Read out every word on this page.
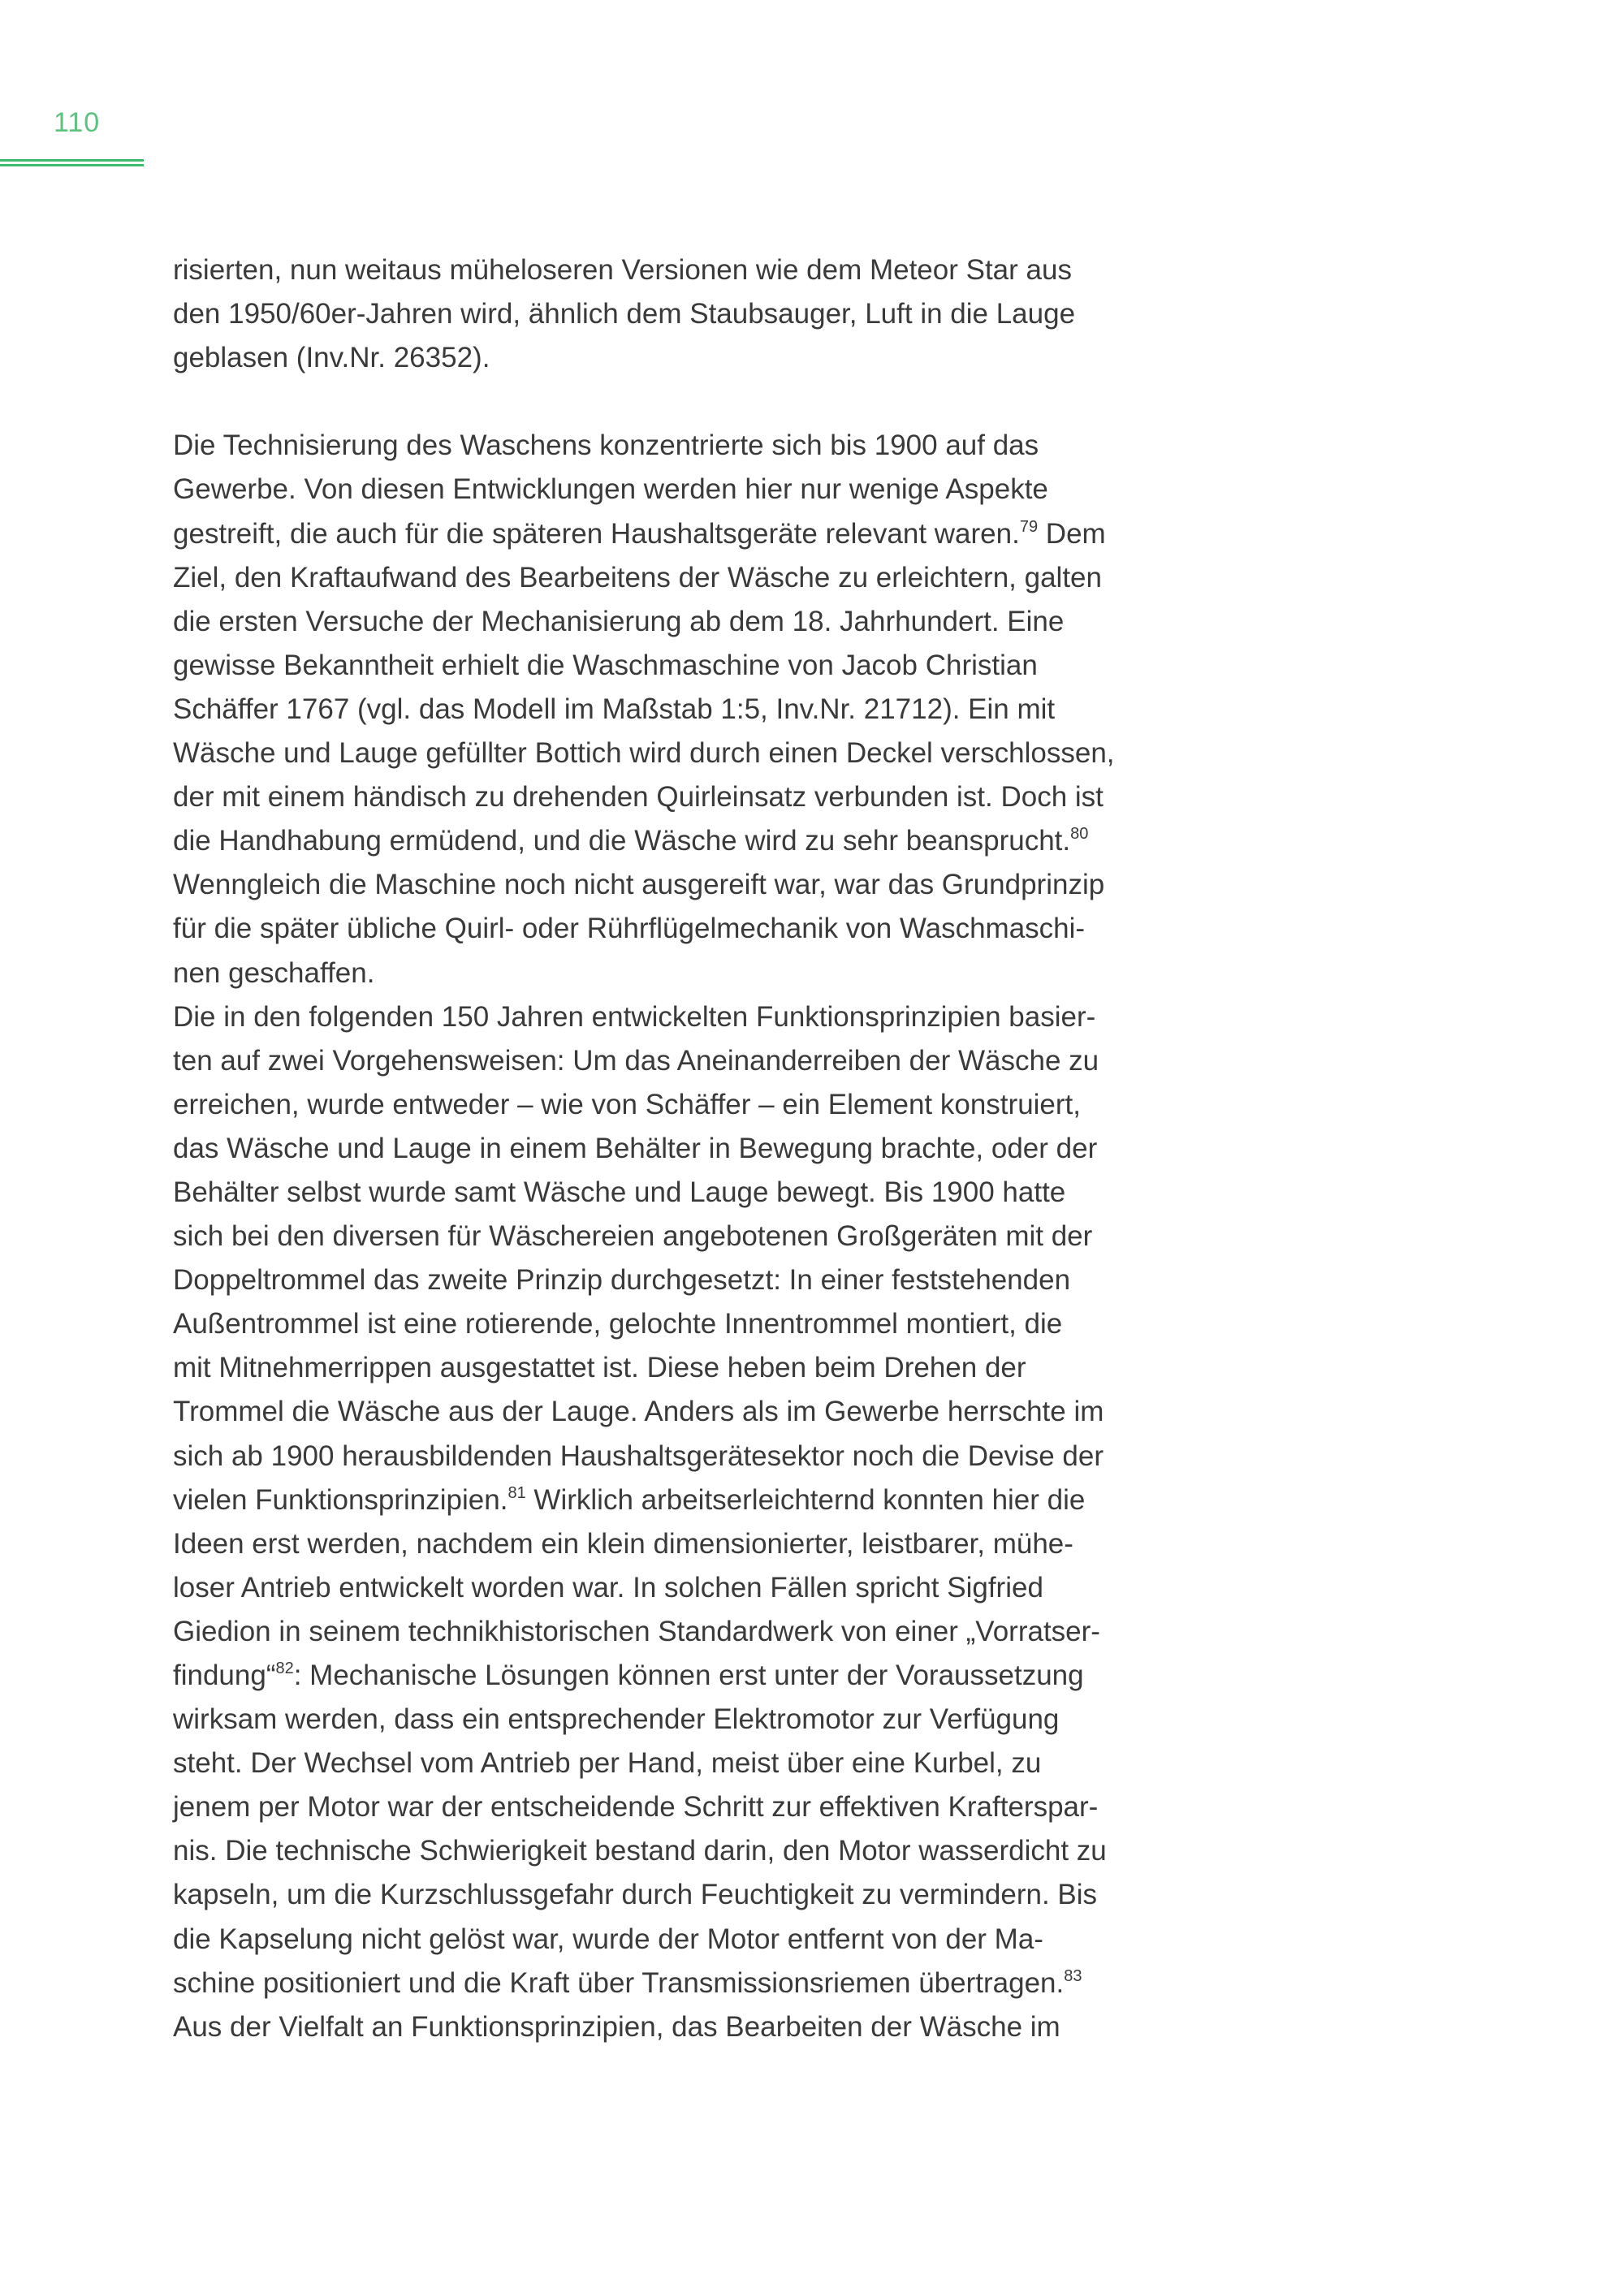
110
risierten, nun weitaus müheloseren Versionen wie dem Meteor Star aus
den 1950/60er-Jahren wird, ähnlich dem Staubsauger, Luft in die Lauge
geblasen (Inv.Nr. 26352).
Die Technisierung des Waschens konzentrierte sich bis 1900 auf das
Gewerbe. Von diesen Entwicklungen werden hier nur wenige Aspekte
gestreift, die auch für die späteren Haushaltsgeräte relevant waren.$^{79}$ Dem
Ziel, den Kraftaufwand des Bearbeitens der Wäsche zu erleichtern, galten
die ersten Versuche der Mechanisierung ab dem 18. Jahrhundert. Eine
gewisse Bekanntheit erhielt die Waschmaschine von Jacob Christian
Schäffer 1767 (vgl. das Modell im Maßstab 1:5, Inv.Nr. 21712). Ein mit
Wäsche und Lauge gefüllter Bottich wird durch einen Deckel verschlossen,
der mit einem händisch zu drehenden Quirleinsatz verbunden ist. Doch ist
die Handhabung ermüdend, und die Wäsche wird zu sehr beansprucht.$^{80}$
Wenngleich die Maschine noch nicht ausgereift war, war das Grundprinzip
für die später übliche Quirl- oder Rührflügelmechanik von Waschmaschi-
nen geschaffen.
Die in den folgenden 150 Jahren entwickelten Funktionsprinzipien basier-
ten auf zwei Vorgehensweisen: Um das Aneinanderreiben der Wäsche zu
erreichen, wurde entweder – wie von Schäffer – ein Element konstruiert,
das Wäsche und Lauge in einem Behälter in Bewegung brachte, oder der
Behälter selbst wurde samt Wäsche und Lauge bewegt. Bis 1900 hatte
sich bei den diversen für Wäschereien angebotenen Großgeräten mit der
Doppeltrommel das zweite Prinzip durchgesetzt: In einer feststehenden
Außentrommel ist eine rotierende, gelochte Innentrommel montiert, die
mit Mitnehmerrippen ausgestattet ist. Diese heben beim Drehen der
Trommel die Wäsche aus der Lauge. Anders als im Gewerbe herrschte im
sich ab 1900 herausbildenden Haushaltsgerätesektor noch die Devise der
vielen Funktionsprinzipien.$^{81}$ Wirklich arbeitserleichternd konnten hier die
Ideen erst werden, nachdem ein klein dimensionierter, leistbarer, mühe-
loser Antrieb entwickelt worden war. In solchen Fällen spricht Sigfried
Giedion in seinem technikhistorischen Standardwerk von einer „Vorratser-
findung“$^{82}$: Mechanische Lösungen können erst unter der Voraussetzung
wirksam werden, dass ein entsprechender Elektromotor zur Verfügung
steht. Der Wechsel vom Antrieb per Hand, meist über eine Kurbel, zu
jenem per Motor war der entscheidende Schritt zur effektiven Krafterspar-
nis. Die technische Schwierigkeit bestand darin, den Motor wasserdicht zu
kapseln, um die Kurzschlussgefahr durch Feuchtigkeit zu vermindern. Bis
die Kapselung nicht gelöst war, wurde der Motor entfernt von der Ma-
schine positioniert und die Kraft über Transmissionsriemen übertragen.$^{83}$
Aus der Vielfalt an Funktionsprinzipien, das Bearbeiten der Wäsche im
